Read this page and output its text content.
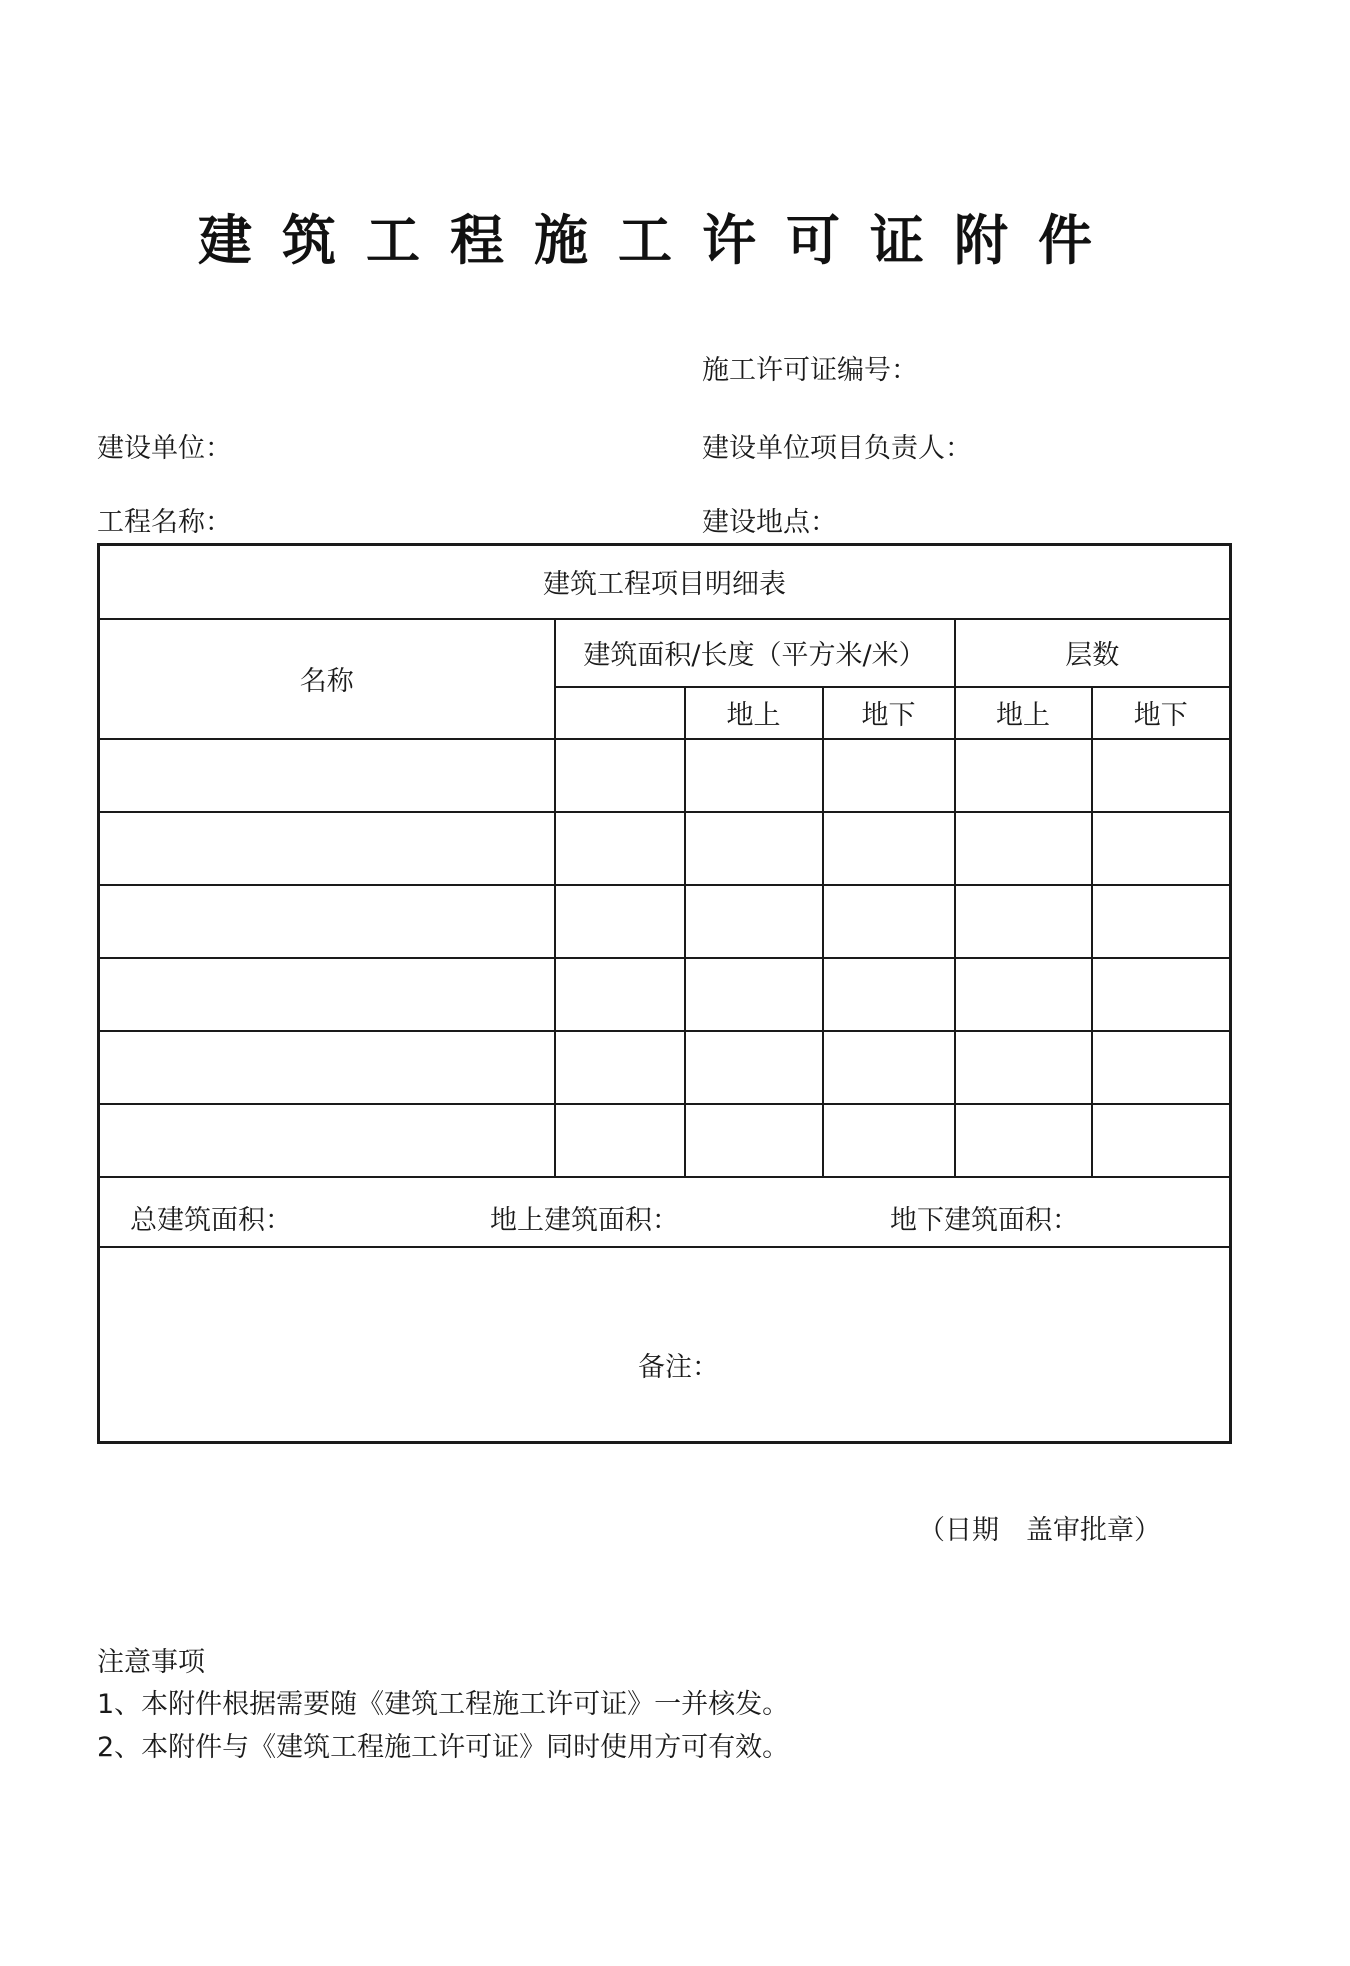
建筑工程施工许可证附件
施工许可证编号：
建设单位：	建设单位项目负责人：
工程名称：	建设地点：
建筑工程项目明细表					
名称	建筑面积/长度（平方米/米）			层数	
		地上	地下	地上	地下

总建筑面积： 地上建筑面积： 地下建筑面积：					

备注：					
（日期　盖审批章）
注意事项
1、本附件根据需要随《建筑工程施工许可证》一并核发。
2、本附件与《建筑工程施工许可证》同时使用方可有效。
